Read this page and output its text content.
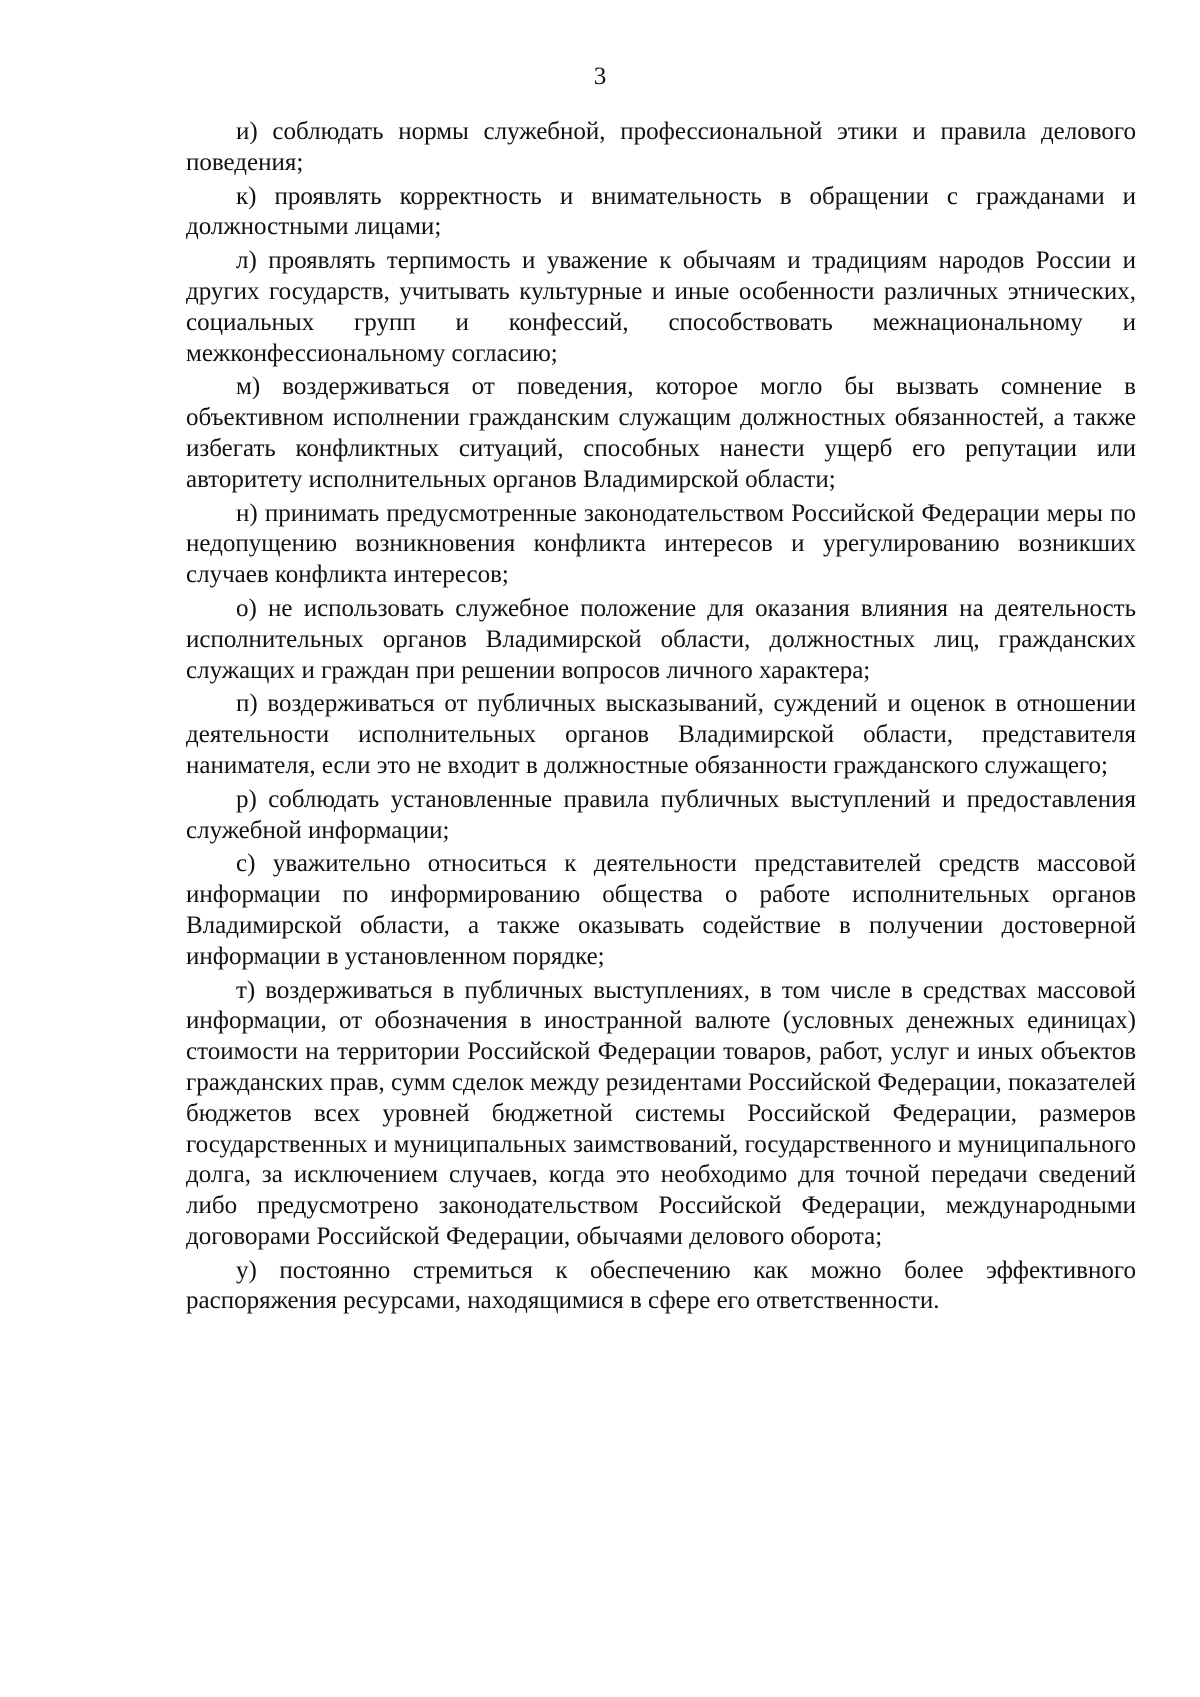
3

и) соблюдать нормы служебной, профессиональной этики и правила делового поведения;

к) проявлять корректность и внимательность в обращении с гражданами и должностными лицами;

л) проявлять терпимость и уважение к обычаям и традициям народов России и других государств, учитывать культурные и иные особенности различных этнических, социальных групп и конфессий, способствовать межнациональному и межконфессиональному согласию;

м) воздерживаться от поведения, которое могло бы вызвать сомнение в объективном исполнении гражданским служащим должностных обязанностей, а также избегать конфликтных ситуаций, способных нанести ущерб его репутации или авторитету исполнительных органов Владимирской области;

н) принимать предусмотренные законодательством Российской Федерации меры по недопущению возникновения конфликта интересов и урегулированию возникших случаев конфликта интересов;

о) не использовать служебное положение для оказания влияния на деятельность исполнительных органов Владимирской области, должностных лиц, гражданских служащих и граждан при решении вопросов личного характера;

п) воздерживаться от публичных высказываний, суждений и оценок в отношении деятельности исполнительных органов Владимирской области, представителя нанимателя, если это не входит в должностные обязанности гражданского служащего;

р) соблюдать установленные правила публичных выступлений и предоставления служебной информации;

с) уважительно относиться к деятельности представителей средств массовой информации по информированию общества о работе исполнительных органов Владимирской области, а также оказывать содействие в получении достоверной информации в установленном порядке;

т) воздерживаться в публичных выступлениях, в том числе в средствах массовой информации, от обозначения в иностранной валюте (условных денежных единицах) стоимости на территории Российской Федерации товаров, работ, услуг и иных объектов гражданских прав, сумм сделок между резидентами Российской Федерации, показателей бюджетов всех уровней бюджетной системы Российской Федерации, размеров государственных и муниципальных заимствований, государственного и муниципального долга, за исключением случаев, когда это необходимо для точной передачи сведений либо предусмотрено законодательством Российской Федерации, международными договорами Российской Федерации, обычаями делового оборота;

у) постоянно стремиться к обеспечению как можно более эффективного распоряжения ресурсами, находящимися в сфере его ответственности.
